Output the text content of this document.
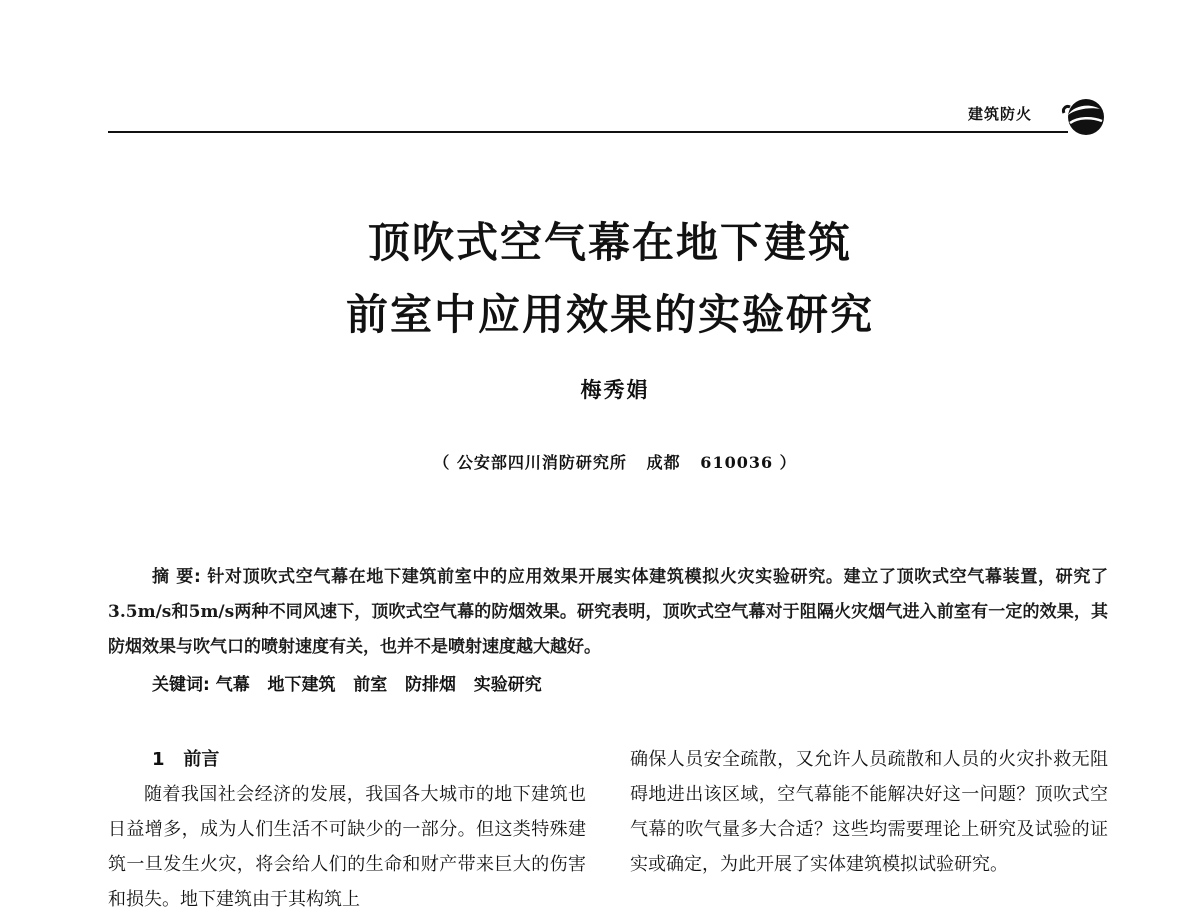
建筑防火
顶吹式空气幕在地下建筑
前室中应用效果的实验研究
梅秀娟
（ 公安部四川消防研究所   成都   610036 ）
摘 要: 针对顶吹式空气幕在地下建筑前室中的应用效果开展实体建筑模拟火灾实验研究。建立了顶吹式空气幕装置，研究了3.5m/s和5m/s两种不同风速下，顶吹式空气幕的防烟效果。研究表明，顶吹式空气幕对于阻隔火灾烟气进入前室有一定的效果，其防烟效果与吹气口的喷射速度有关，也并不是喷射速度越大越好。
关键词: 气幕   地下建筑   前室   防排烟   实验研究
1   前言
随着我国社会经济的发展，我国各大城市的地下建筑也日益增多，成为人们生活不可缺少的一部分。但这类特殊建筑一旦发生火灾，将会给人们的生命和财产带来巨大的伤害和损失。地下建筑由于其构筑上
确保人员安全疏散，又允许人员疏散和人员的火灾扑救无阻碍地进出该区域，空气幕能不能解决好这一问题？顶吹式空气幕的吹气量多大合适？这些均需要理论上研究及试验的证实或确定，为此开展了实体建筑模拟试验研究。
